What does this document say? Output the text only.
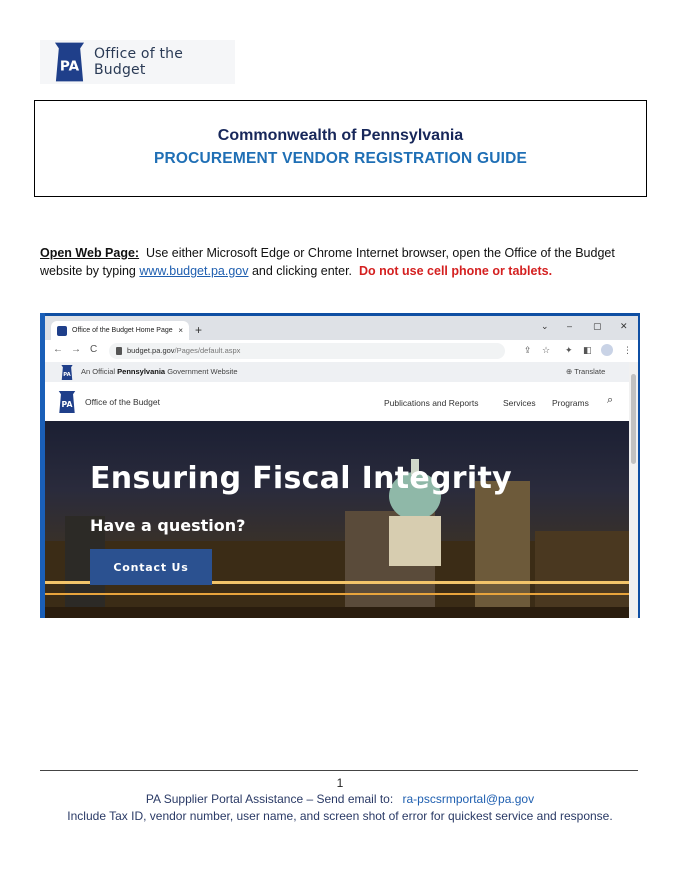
PA
Office of the Budget
Commonwealth of Pennsylvania
PROCUREMENT VENDOR REGISTRATION GUIDE
Open Web Page: Use either Microsoft Edge or Chrome Internet browser, open the Office of the Budget website by typing www.budget.pa.gov and clicking enter. Do not use cell phone or tablets.
Office of the Budget Home Page × +	⌄ – ▢ ✕
← → C	budget.pa.gov/Pages/default.aspx	⇪ ☆ ✦ ◧	⋮
PA An Official Pennsylvania Government Website	⊕ Translate
PA Office of the Budget	Publications and Reports	Services Programs ⌕
Ensuring Fiscal Integrity
Have a question?
Contact Us
1
PA Supplier Portal Assistance – Send email to: ra-pscsrmportal@pa.gov
Include Tax ID, vendor number, user name, and screen shot of error for quickest service and response.
